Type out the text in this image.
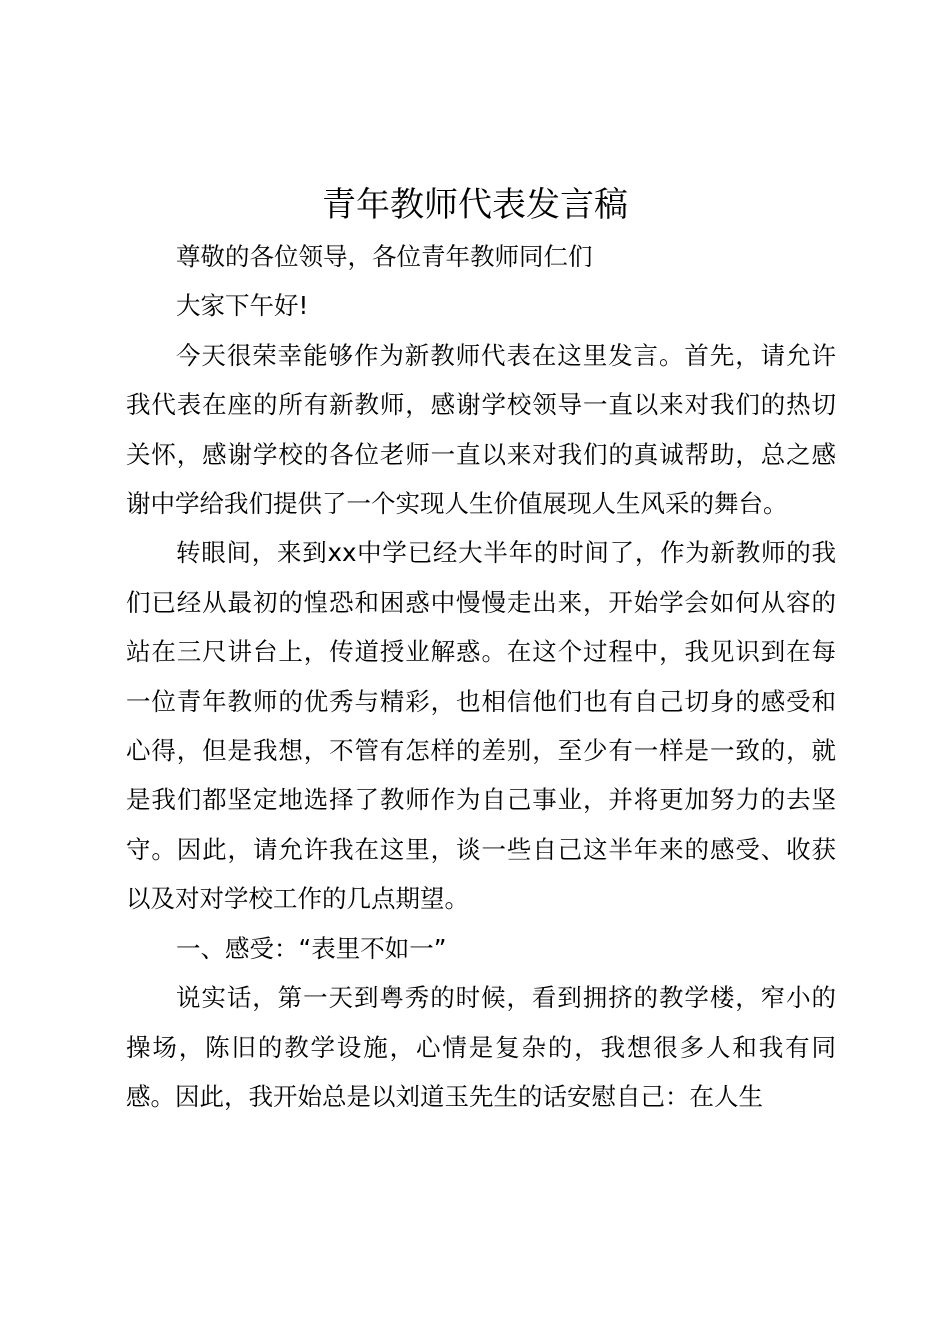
青年教师代表发言稿

尊敬的各位领导，各位青年教师同仁们

大家下午好!

今天很荣幸能够作为新教师代表在这里发言。首先，请允许我代表在座的所有新教师，感谢学校领导一直以来对我们的热切关怀，感谢学校的各位老师一直以来对我们的真诚帮助，总之感谢中学给我们提供了一个实现人生价值展现人生风采的舞台。

转眼间，来到xx中学已经大半年的时间了，作为新教师的我们已经从最初的惶恐和困惑中慢慢走出来，开始学会如何从容的站在三尺讲台上，传道授业解惑。在这个过程中，我见识到在每一位青年教师的优秀与精彩，也相信他们也有自己切身的感受和心得，但是我想，不管有怎样的差别，至少有一样是一致的，就是我们都坚定地选择了教师作为自己事业，并将更加努力的去坚守。因此，请允许我在这里，谈一些自己这半年来的感受、收获以及对对学校工作的几点期望。

一、感受：“表里不如一”

说实话，第一天到粤秀的时候，看到拥挤的教学楼，窄小的操场，陈旧的教学设施，心情是复杂的，我想很多人和我有同感。因此，我开始总是以刘道玉先生的话安慰自己：在人生
